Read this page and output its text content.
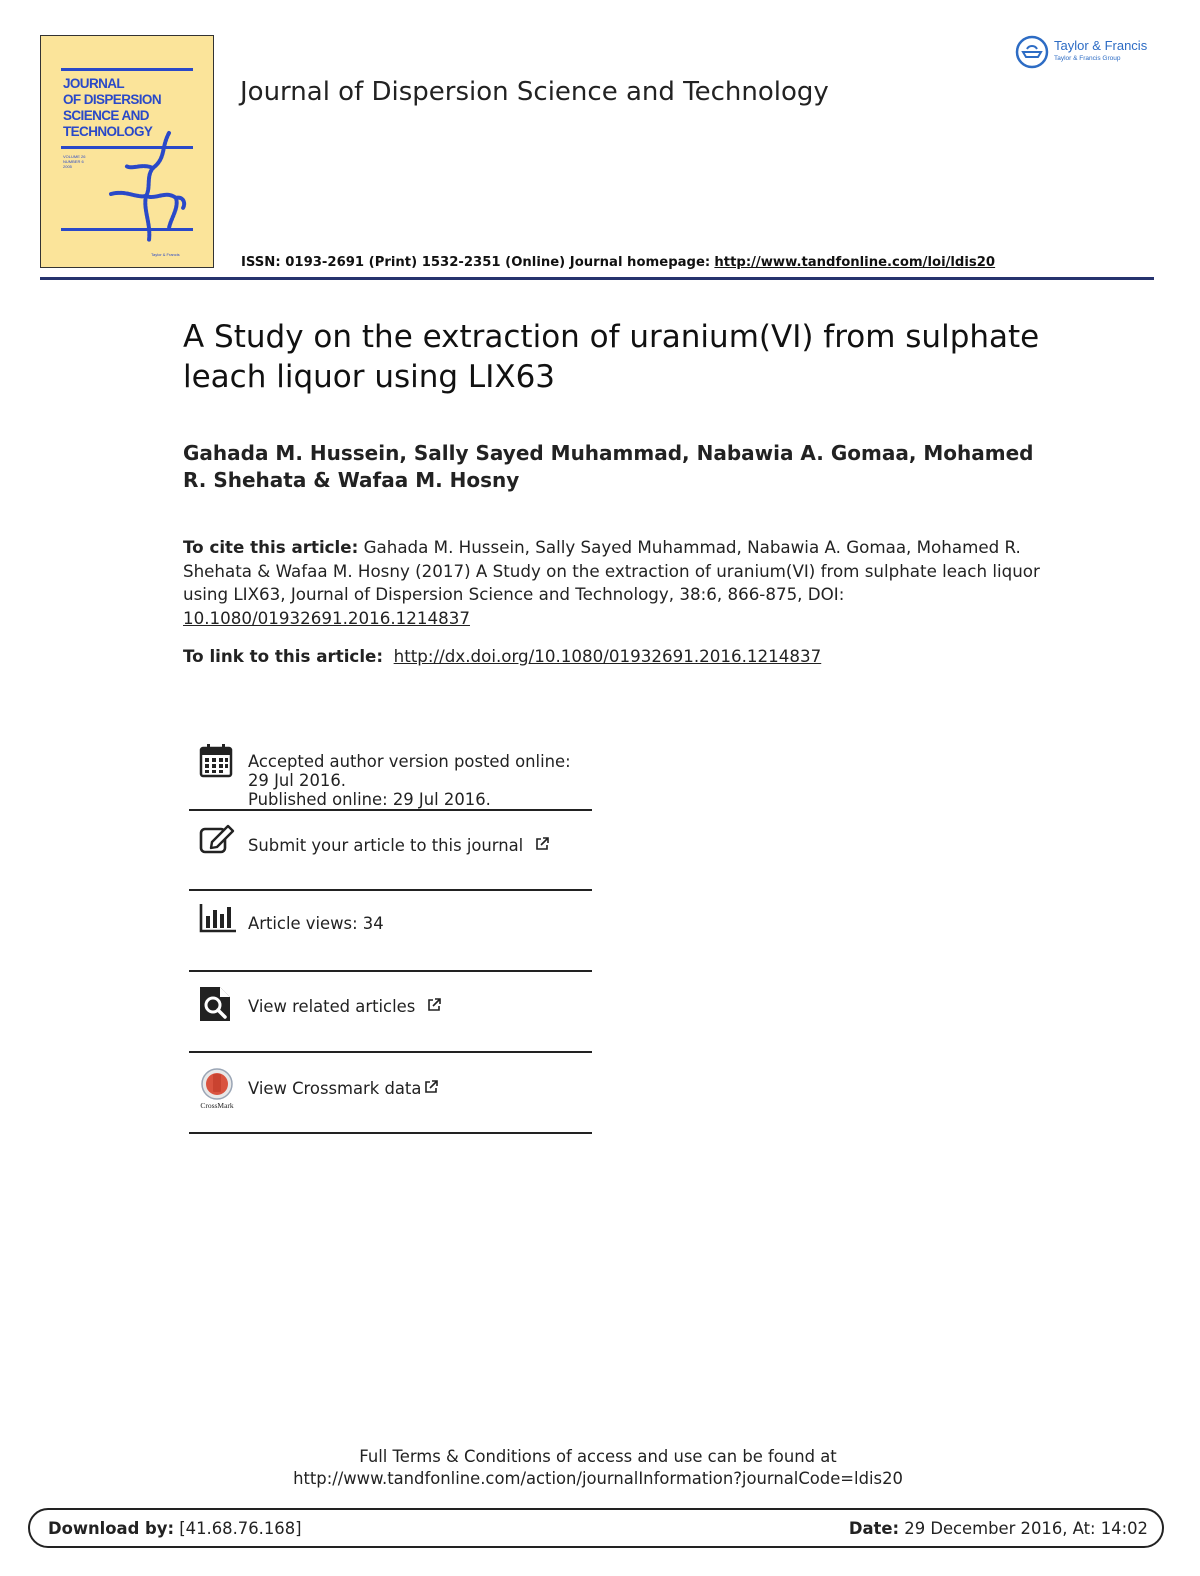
JOURNAL
OF DISPERSION
SCIENCE AND
TECHNOLOGY
VOLUME 26
NUMBER 6
2005
Taylor & Francis
Journal of Dispersion Science and Technology
Taylor & Francis
Taylor & Francis Group
ISSN: 0193-2691 (Print) 1532-2351 (Online) Journal homepage: http://www.tandfonline.com/loi/ldis20
A Study on the extraction of uranium(VI) from sulphate leach liquor using LIX63
Gahada M. Hussein, Sally Sayed Muhammad, Nabawia A. Gomaa, Mohamed R. Shehata & Wafaa M. Hosny
To cite this article: Gahada M. Hussein, Sally Sayed Muhammad, Nabawia A. Gomaa, Mohamed R. Shehata & Wafaa M. Hosny (2017) A Study on the extraction of uranium(VI) from sulphate leach liquor using LIX63, Journal of Dispersion Science and Technology, 38:6, 866-875, DOI: 10.1080/01932691.2016.1214837
To link to this article: http://dx.doi.org/10.1080/01932691.2016.1214837
Accepted author version posted online: 29 Jul 2016.
Published online: 29 Jul 2016.
Submit your article to this journal
Article views: 34
View related articles
CrossMark
View Crossmark data
Full Terms & Conditions of access and use can be found at
http://www.tandfonline.com/action/journalInformation?journalCode=ldis20
Download by: [41.68.76.168]	Date: 29 December 2016, At: 14:02
